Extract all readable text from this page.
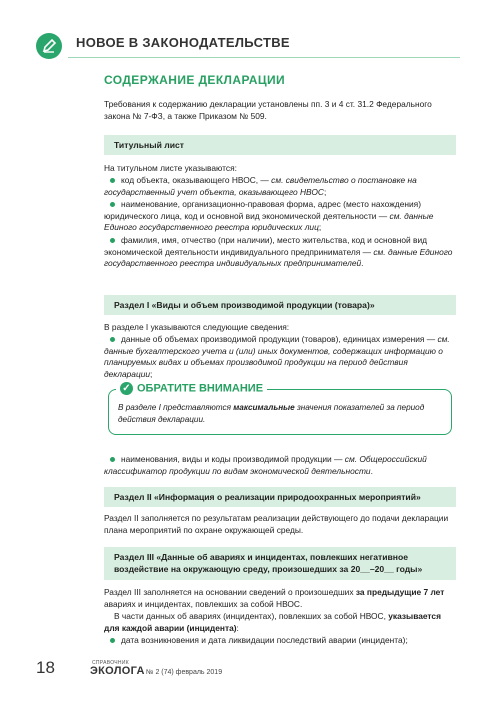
НОВОЕ В ЗАКОНОДАТЕЛЬСТВЕ
СОДЕРЖАНИЕ ДЕКЛАРАЦИИ
Требования к содержанию декларации установлены пп. 3 и 4 ст. 31.2 Федерального закона № 7-ФЗ, а также Приказом № 509.
Титульный лист
На титульном листе указываются:
код объекта, оказывающего НВОС, — см. свидетельство о постановке на государственный учет объекта, оказывающего НВОС;
наименование, организационно-правовая форма, адрес (место нахождения) юридического лица, код и основной вид экономической деятельности — см. данные Единого государственного реестра юридических лиц;
фамилия, имя, отчество (при наличии), место жительства, код и основной вид экономической деятельности индивидуального предпринимателя — см. данные Единого государственного реестра индивидуальных предпринимателей.
Раздел I «Виды и объем производимой продукции (товара)»
В разделе I указываются следующие сведения:
данные об объемах производимой продукции (товаров), единицах измерения — см. данные бухгалтерского учета и (или) иных документов, содержащих информацию о планируемых видах и объемах производимой продукции на период действия декларации;
✓ ОБРАТИТЕ ВНИМАНИЕ
В разделе I представляются максимальные значения показателей за период действия декларации.
наименования, виды и коды производимой продукции — см. Общероссийский классификатор продукции по видам экономической деятельности.
Раздел II «Информация о реализации природоохранных мероприятий»
Раздел II заполняется по результатам реализации действующего до подачи декларации плана мероприятий по охране окружающей среды.
Раздел III «Данные об авариях и инцидентах, повлекших негативное воздействие на окружающую среду, произошедших за 20__–20__ годы»
Раздел III заполняется на основании сведений о произошедших за предыдущие 7 лет авариях и инцидентах, повлекших за собой НВОС.
В части данных об авариях (инцидентах), повлекших за собой НВОС, указывается для каждой аварии (инцидента):
дата возникновения и дата ликвидации последствий аварии (инцидента);
18	СПРАВОЧНИК
ЭКОЛОГА № 2 (74) февраль 2019
